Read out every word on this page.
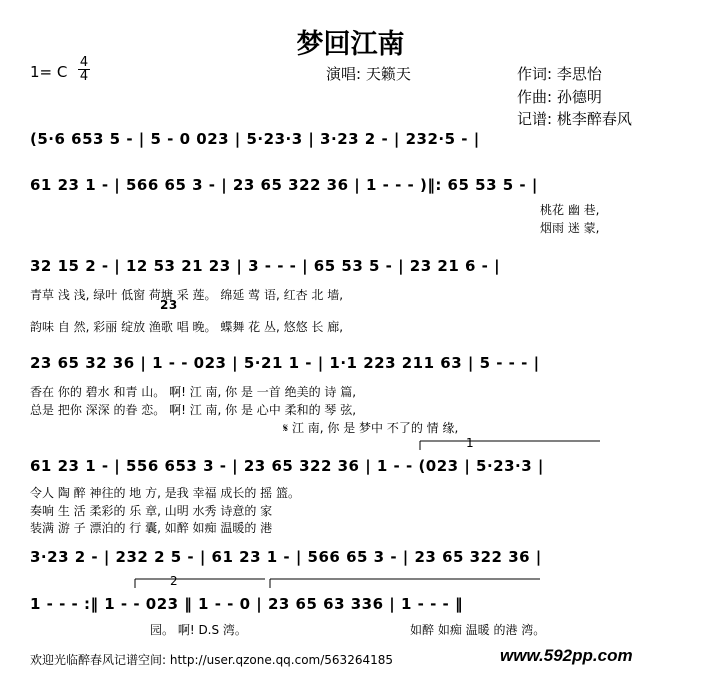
梦回江南
1= C $\frac{4}{4}$	演唱: 天籁天	作词: 李思怡
作曲: 孙德明
记谱: 桃李醉春风
(5·6 653 5 - | 5 - 0 023 | 5·23·3 | 3·23 2 - | 232·5 - |
61 23 1 - | 566 65 3 - | 23 65 322 36 | 1 - - - )‖: 65 53 5 - |
桃花 幽 巷,
烟雨 迷 蒙,
32 15 2 - | 12 53 21 23 | 3 - - - | 65 53 5 - | 23 21 6 - |
青草 浅 浅, 绿叶 低窗 荷塘 采 莲。 绵延 莺 语, 红杏 北 墙,
23
韵味 自 然, 彩丽 绽放 渔歌 唱 晚。 蝶舞 花 丛, 悠悠 长 廊,
23 65 32 36 | 1 - - 023 | 5·21 1 - | 1·1 223 211 63 | 5 - - - |
香在 你的 碧水 和青 山。 啊! 江 南, 你 是 一首 绝美的 诗 篇,
总是 把你 深深 的眷 恋。 啊! 江 南, 你 是 心中 柔和的 琴 弦,
𝄋 江 南, 你 是 梦中 不了的 情 缘,
1
61 23 1 - | 556 653 3 - | 23 65 322 36 | 1 - - (023 | 5·23·3 |
令人 陶 醉 神往的 地 方, 是我 幸福 成长的 摇 篮。
奏响 生 活 柔彩的 乐 章, 山明 水秀 诗意的 家
装满 游 子 漂泊的 行 囊, 如醉 如痴 温暖的 港
3·23 2 - | 232 2 5 - | 61 23 1 - | 566 65 3 - | 23 65 322 36 |
2
1 - - - :‖ 1 - - 023 ‖ 1 - - 0 | 23 65 63 336 | 1 - - - ‖
园。 啊! D.S 湾。	如醉 如痴 温暖 的港 湾。
欢迎光临醉春风记谱空间: http://user.qzone.qq.com/563264185	www.592pp.com
